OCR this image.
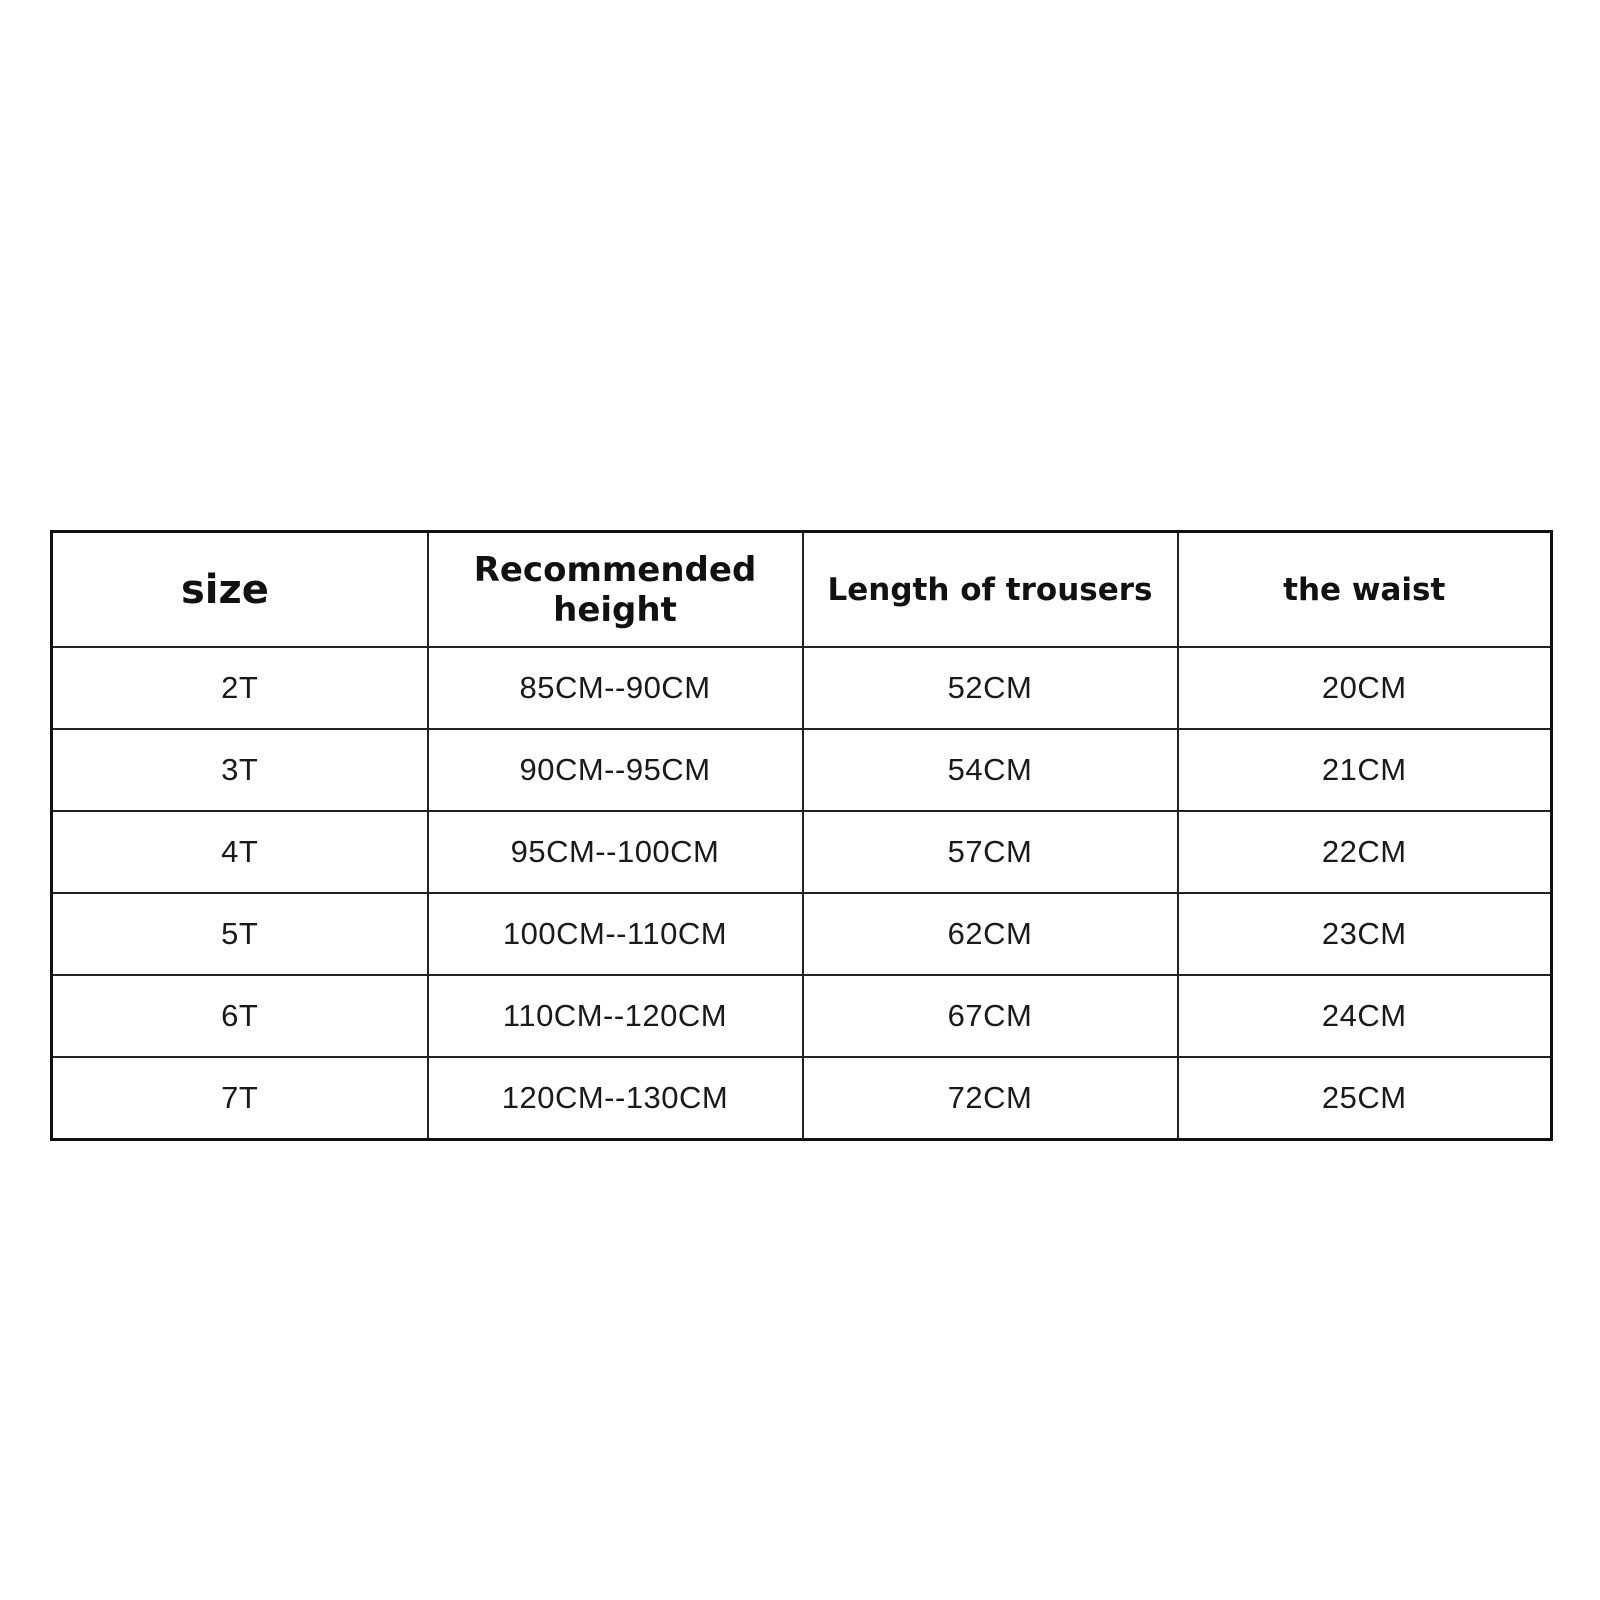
size	Recommended height	Length of trousers	the waist
2T	85CM--90CM	52CM	20CM
3T	90CM--95CM	54CM	21CM
4T	95CM--100CM	57CM	22CM
5T	100CM--110CM	62CM	23CM
6T	110CM--120CM	67CM	24CM
7T	120CM--130CM	72CM	25CM
